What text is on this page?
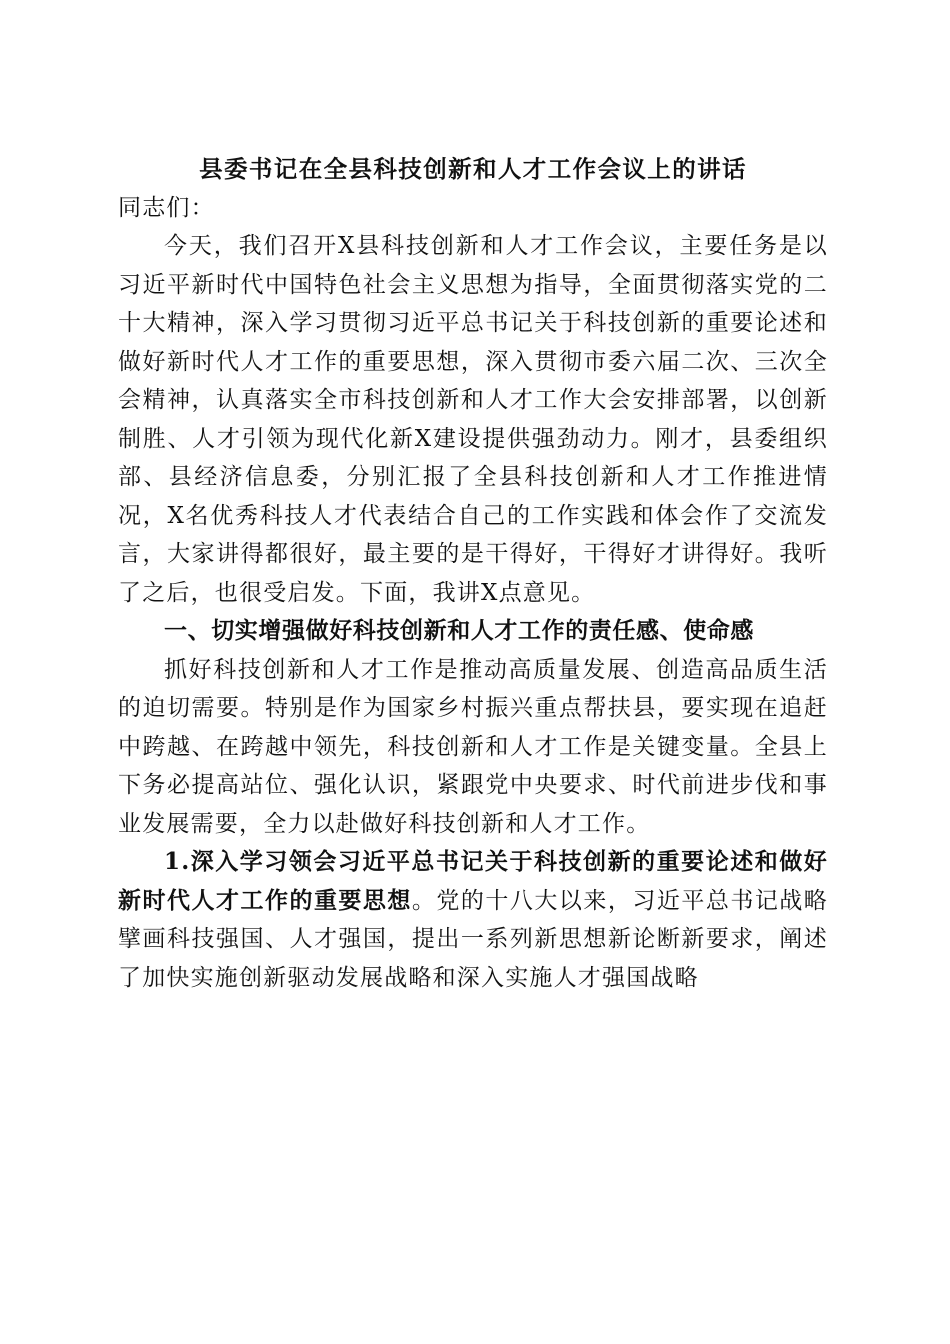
县委书记在全县科技创新和人才工作会议上的讲话

同志们：

今天，我们召开X县科技创新和人才工作会议，主要任务是以习近平新时代中国特色社会主义思想为指导，全面贯彻落实党的二十大精神，深入学习贯彻习近平总书记关于科技创新的重要论述和做好新时代人才工作的重要思想，深入贯彻市委六届二次、三次全会精神，认真落实全市科技创新和人才工作大会安排部署，以创新制胜、人才引领为现代化新X建设提供强劲动力。刚才，县委组织部、县经济信息委，分别汇报了全县科技创新和人才工作推进情况，X名优秀科技人才代表结合自己的工作实践和体会作了交流发言，大家讲得都很好，最主要的是干得好，干得好才讲得好。我听了之后，也很受启发。下面，我讲X点意见。

一、切实增强做好科技创新和人才工作的责任感、使命感

抓好科技创新和人才工作是推动高质量发展、创造高品质生活的迫切需要。特别是作为国家乡村振兴重点帮扶县，要实现在追赶中跨越、在跨越中领先，科技创新和人才工作是关键变量。全县上下务必提高站位、强化认识，紧跟党中央要求、时代前进步伐和事业发展需要，全力以赴做好科技创新和人才工作。

1.深入学习领会习近平总书记关于科技创新的重要论述和做好新时代人才工作的重要思想。党的十八大以来，习近平总书记战略擘画科技强国、人才强国，提出一系列新思想新论断新要求，阐述了加快实施创新驱动发展战略和深入实施人才强国战略
